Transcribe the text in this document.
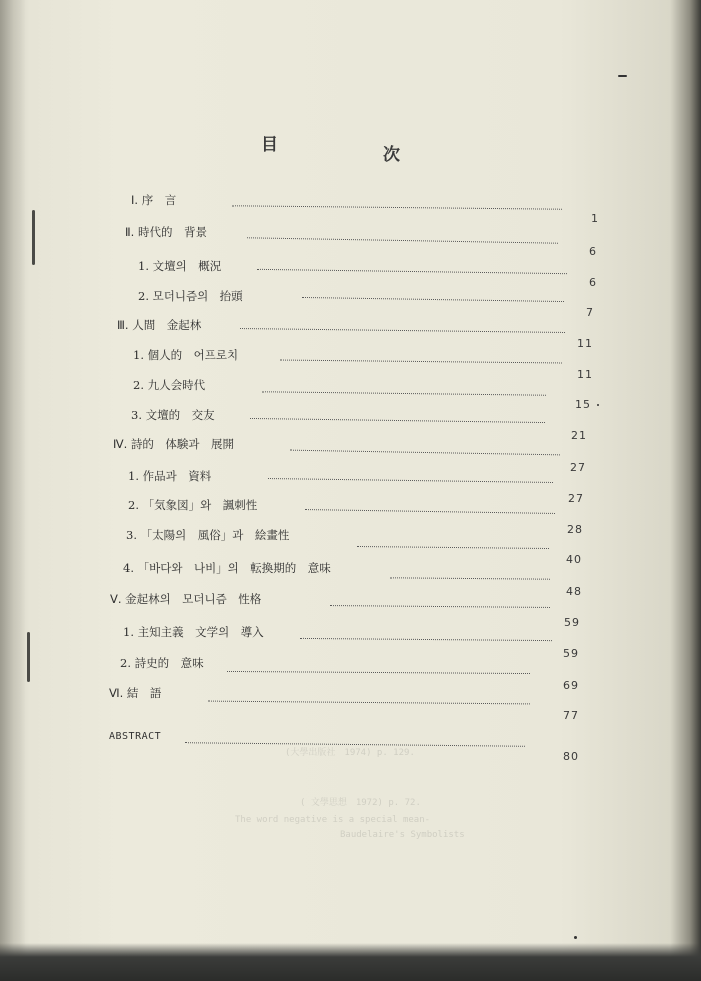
(大學出版社　1974) p. 129.
( 文學思想　1972) p. 72.
The word negative is a special mean-
Baudelaire's Symbolists
目	次
Ⅰ. 序　言
1
Ⅱ. 時代的　背景
6
1. 文壇의　概況
6
2. 모더니즘의　抬頭
7
Ⅲ. 人間　金起林
11
1. 個人的　어프로치
11
2. 九人会時代
15
3. 文壇的　交友
21
Ⅳ. 詩的　体験과　展開
27
1. 作品과　資料
27
2. 「気象図」와　諷刺性
28
3. 「太陽의　風俗」과　絵畫性
40
4. 「바다와　나비」의　転換期的　意味
48
Ⅴ. 金起林의　모더니즘　性格
59
1. 主知主義　文学의　導入
59
2. 詩史的　意味
69
Ⅵ. 結　語
77
ABSTRACT
80
